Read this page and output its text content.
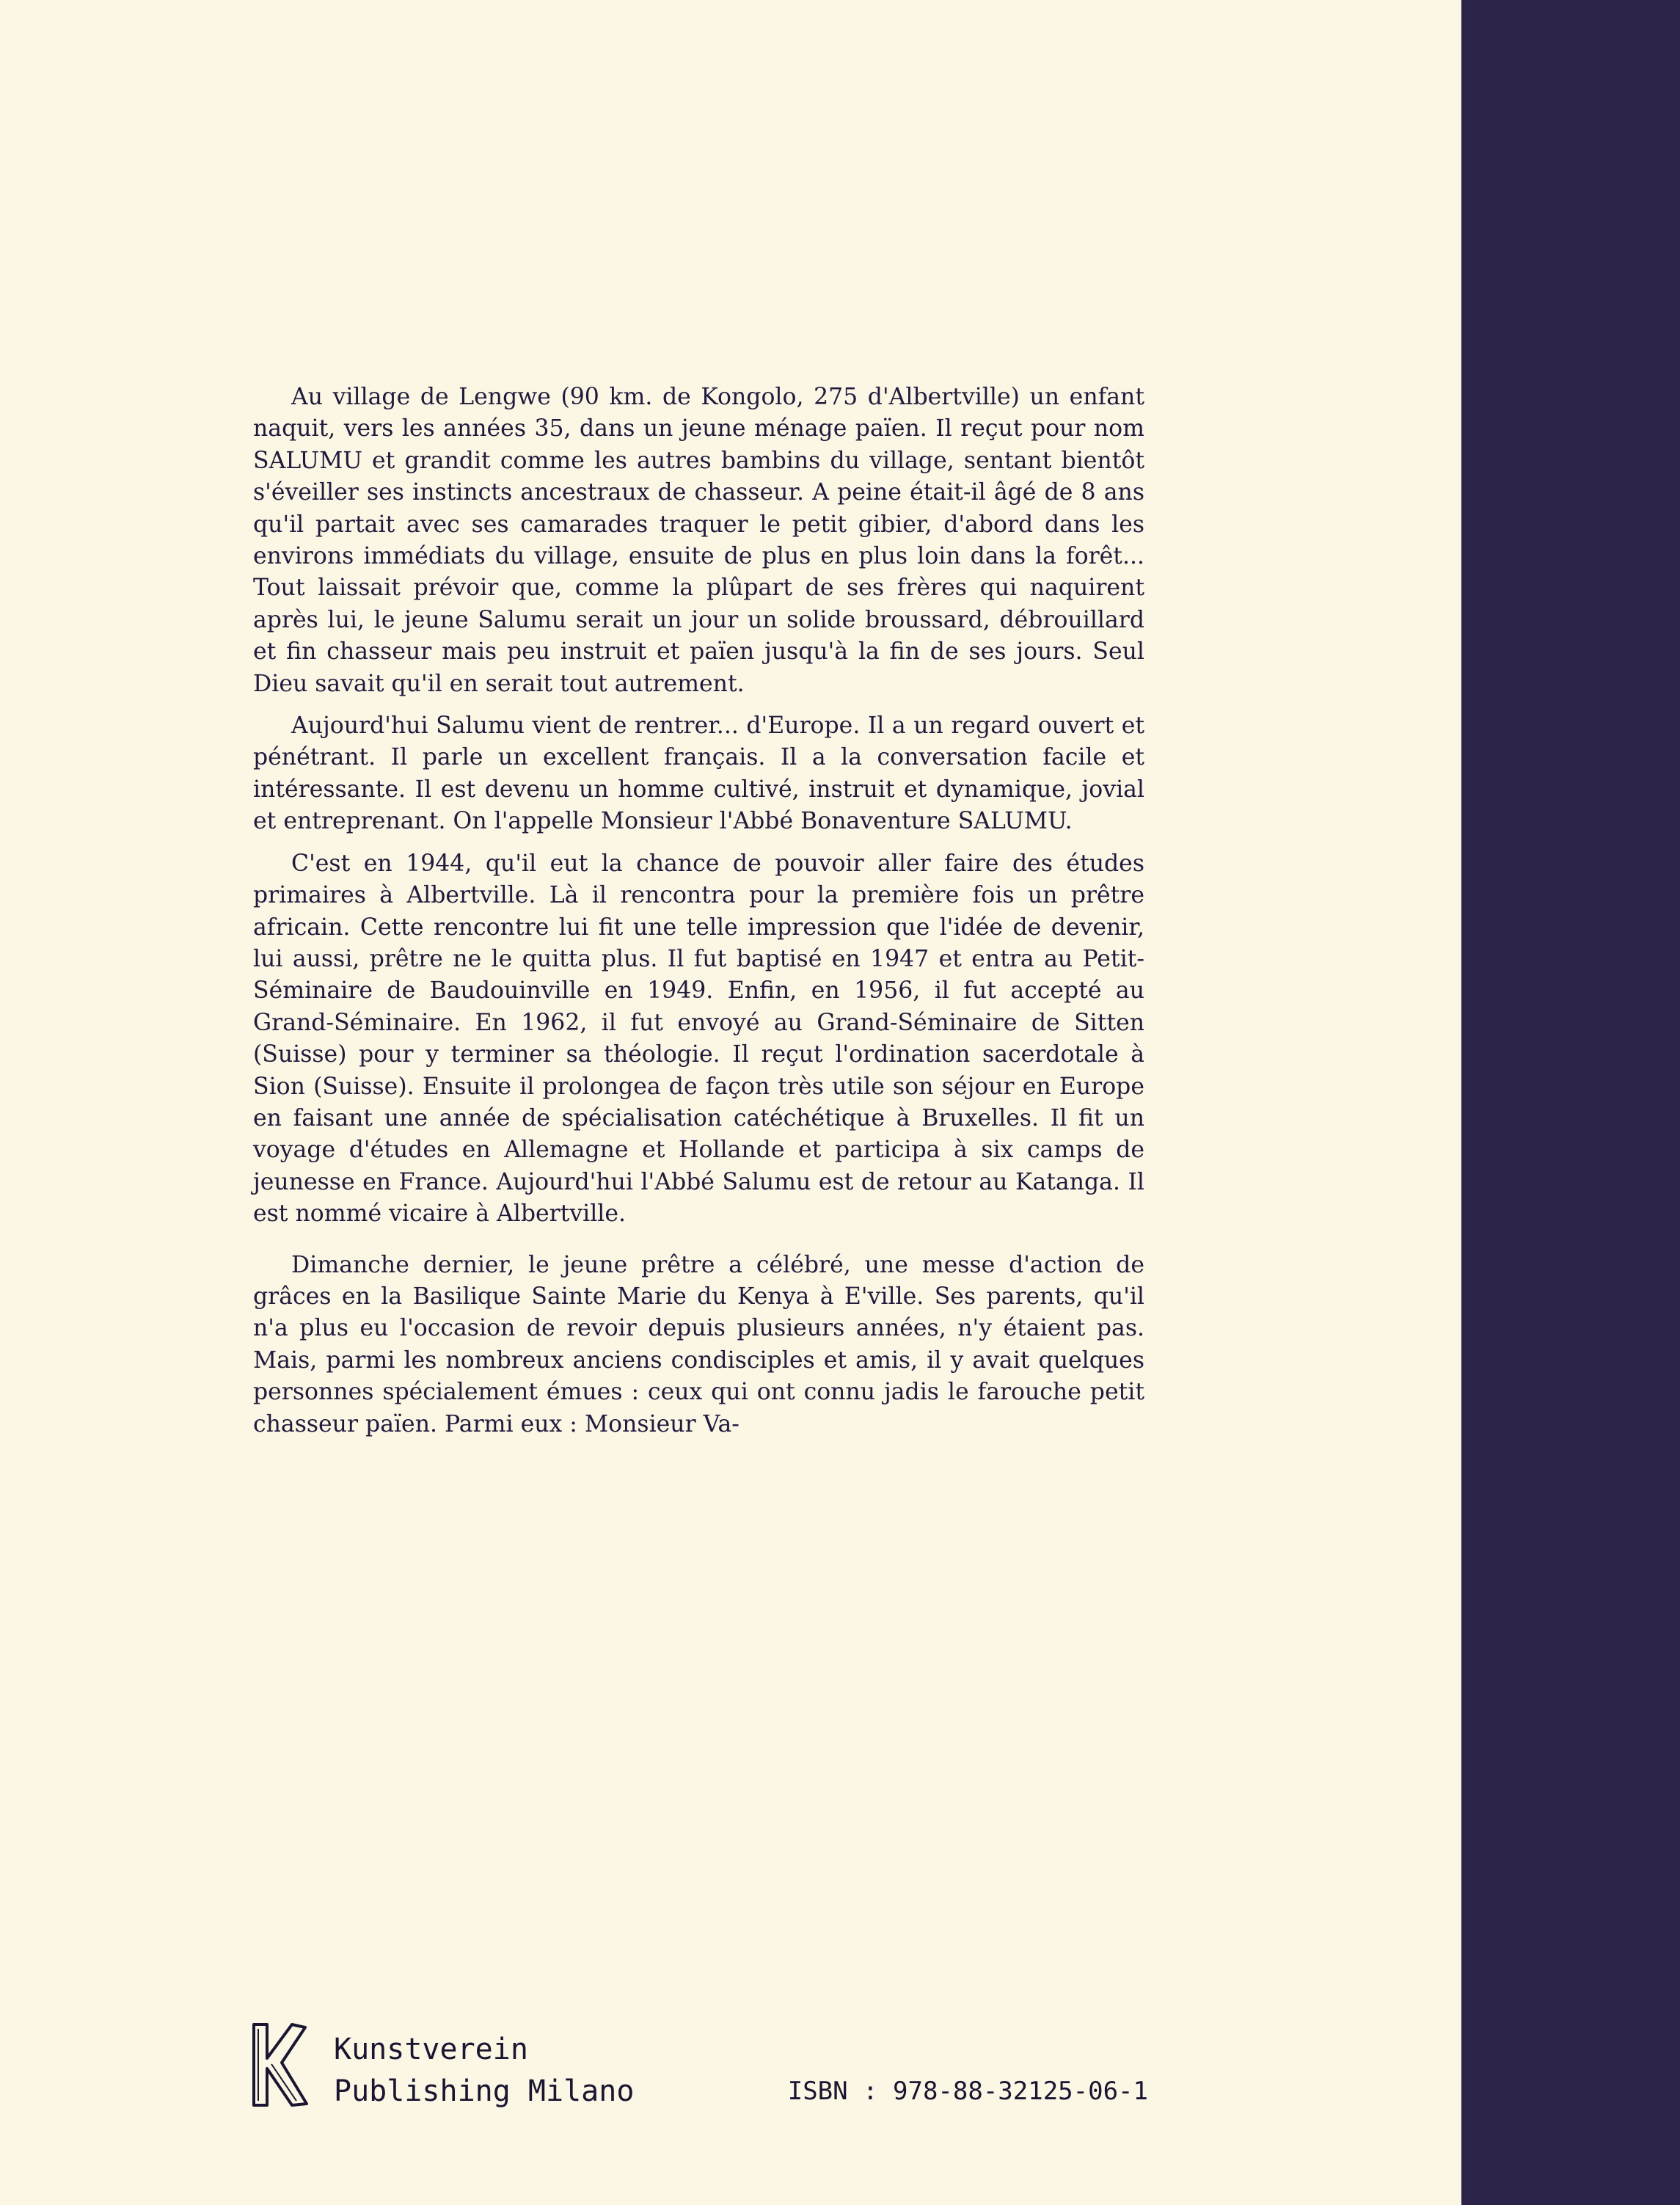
Au village de Lengwe (90 km. de Kongolo, 275 d'Albertville) un enfant naquit, vers les années 35, dans un jeune ménage païen. Il reçut pour nom SALUMU et grandit comme les autres bambins du village, sentant bientôt s'éveiller ses instincts ancestraux de chasseur. A peine était-il âgé de 8 ans qu'il partait avec ses camarades traquer le petit gibier, d'abord dans les environs immédiats du village, ensuite de plus en plus loin dans la forêt... Tout laissait prévoir que, comme la plûpart de ses frères qui naquirent après lui, le jeune Salumu serait un jour un solide broussard, débrouillard et fin chasseur mais peu instruit et païen jusqu'à la fin de ses jours. Seul Dieu savait qu'il en serait tout autrement.

Aujourd'hui Salumu vient de rentrer... d'Europe. Il a un regard ouvert et pénétrant. Il parle un excellent français. Il a la conversation facile et intéressante. Il est devenu un homme cultivé, instruit et dynamique, jovial et entreprenant. On l'appelle Monsieur l'Abbé Bonaventure SALUMU.

C'est en 1944, qu'il eut la chance de pouvoir aller faire des études primaires à Albertville. Là il rencontra pour la première fois un prêtre africain. Cette rencontre lui fit une telle impression que l'idée de devenir, lui aussi, prêtre ne le quitta plus. Il fut baptisé en 1947 et entra au Petit-Séminaire de Baudouinville en 1949. Enfin, en 1956, il fut accepté au Grand-Séminaire. En 1962, il fut envoyé au Grand-Séminaire de Sitten (Suisse) pour y terminer sa théologie. Il reçut l'ordination sacerdotale à Sion (Suisse). Ensuite il prolongea de façon très utile son séjour en Europe en faisant une année de spécialisation catéchétique à Bruxelles. Il fit un voyage d'études en Allemagne et Hollande et participa à six camps de jeunesse en France. Aujourd'hui l'Abbé Salumu est de retour au Katanga. Il est nommé vicaire à Albertville.

Dimanche dernier, le jeune prêtre a célébré, une messe d'action de grâces en la Basilique Sainte Marie du Kenya à E'ville. Ses parents, qu'il n'a plus eu l'occasion de revoir depuis plusieurs années, n'y étaient pas. Mais, parmi les nombreux anciens condisciples et amis, il y avait quelques personnes spécialement émues : ceux qui ont connu jadis le farouche petit chasseur païen. Parmi eux : Monsieur Va-

Kunstverein
Publishing Milano	ISBN : 978-88-32125-06-1
